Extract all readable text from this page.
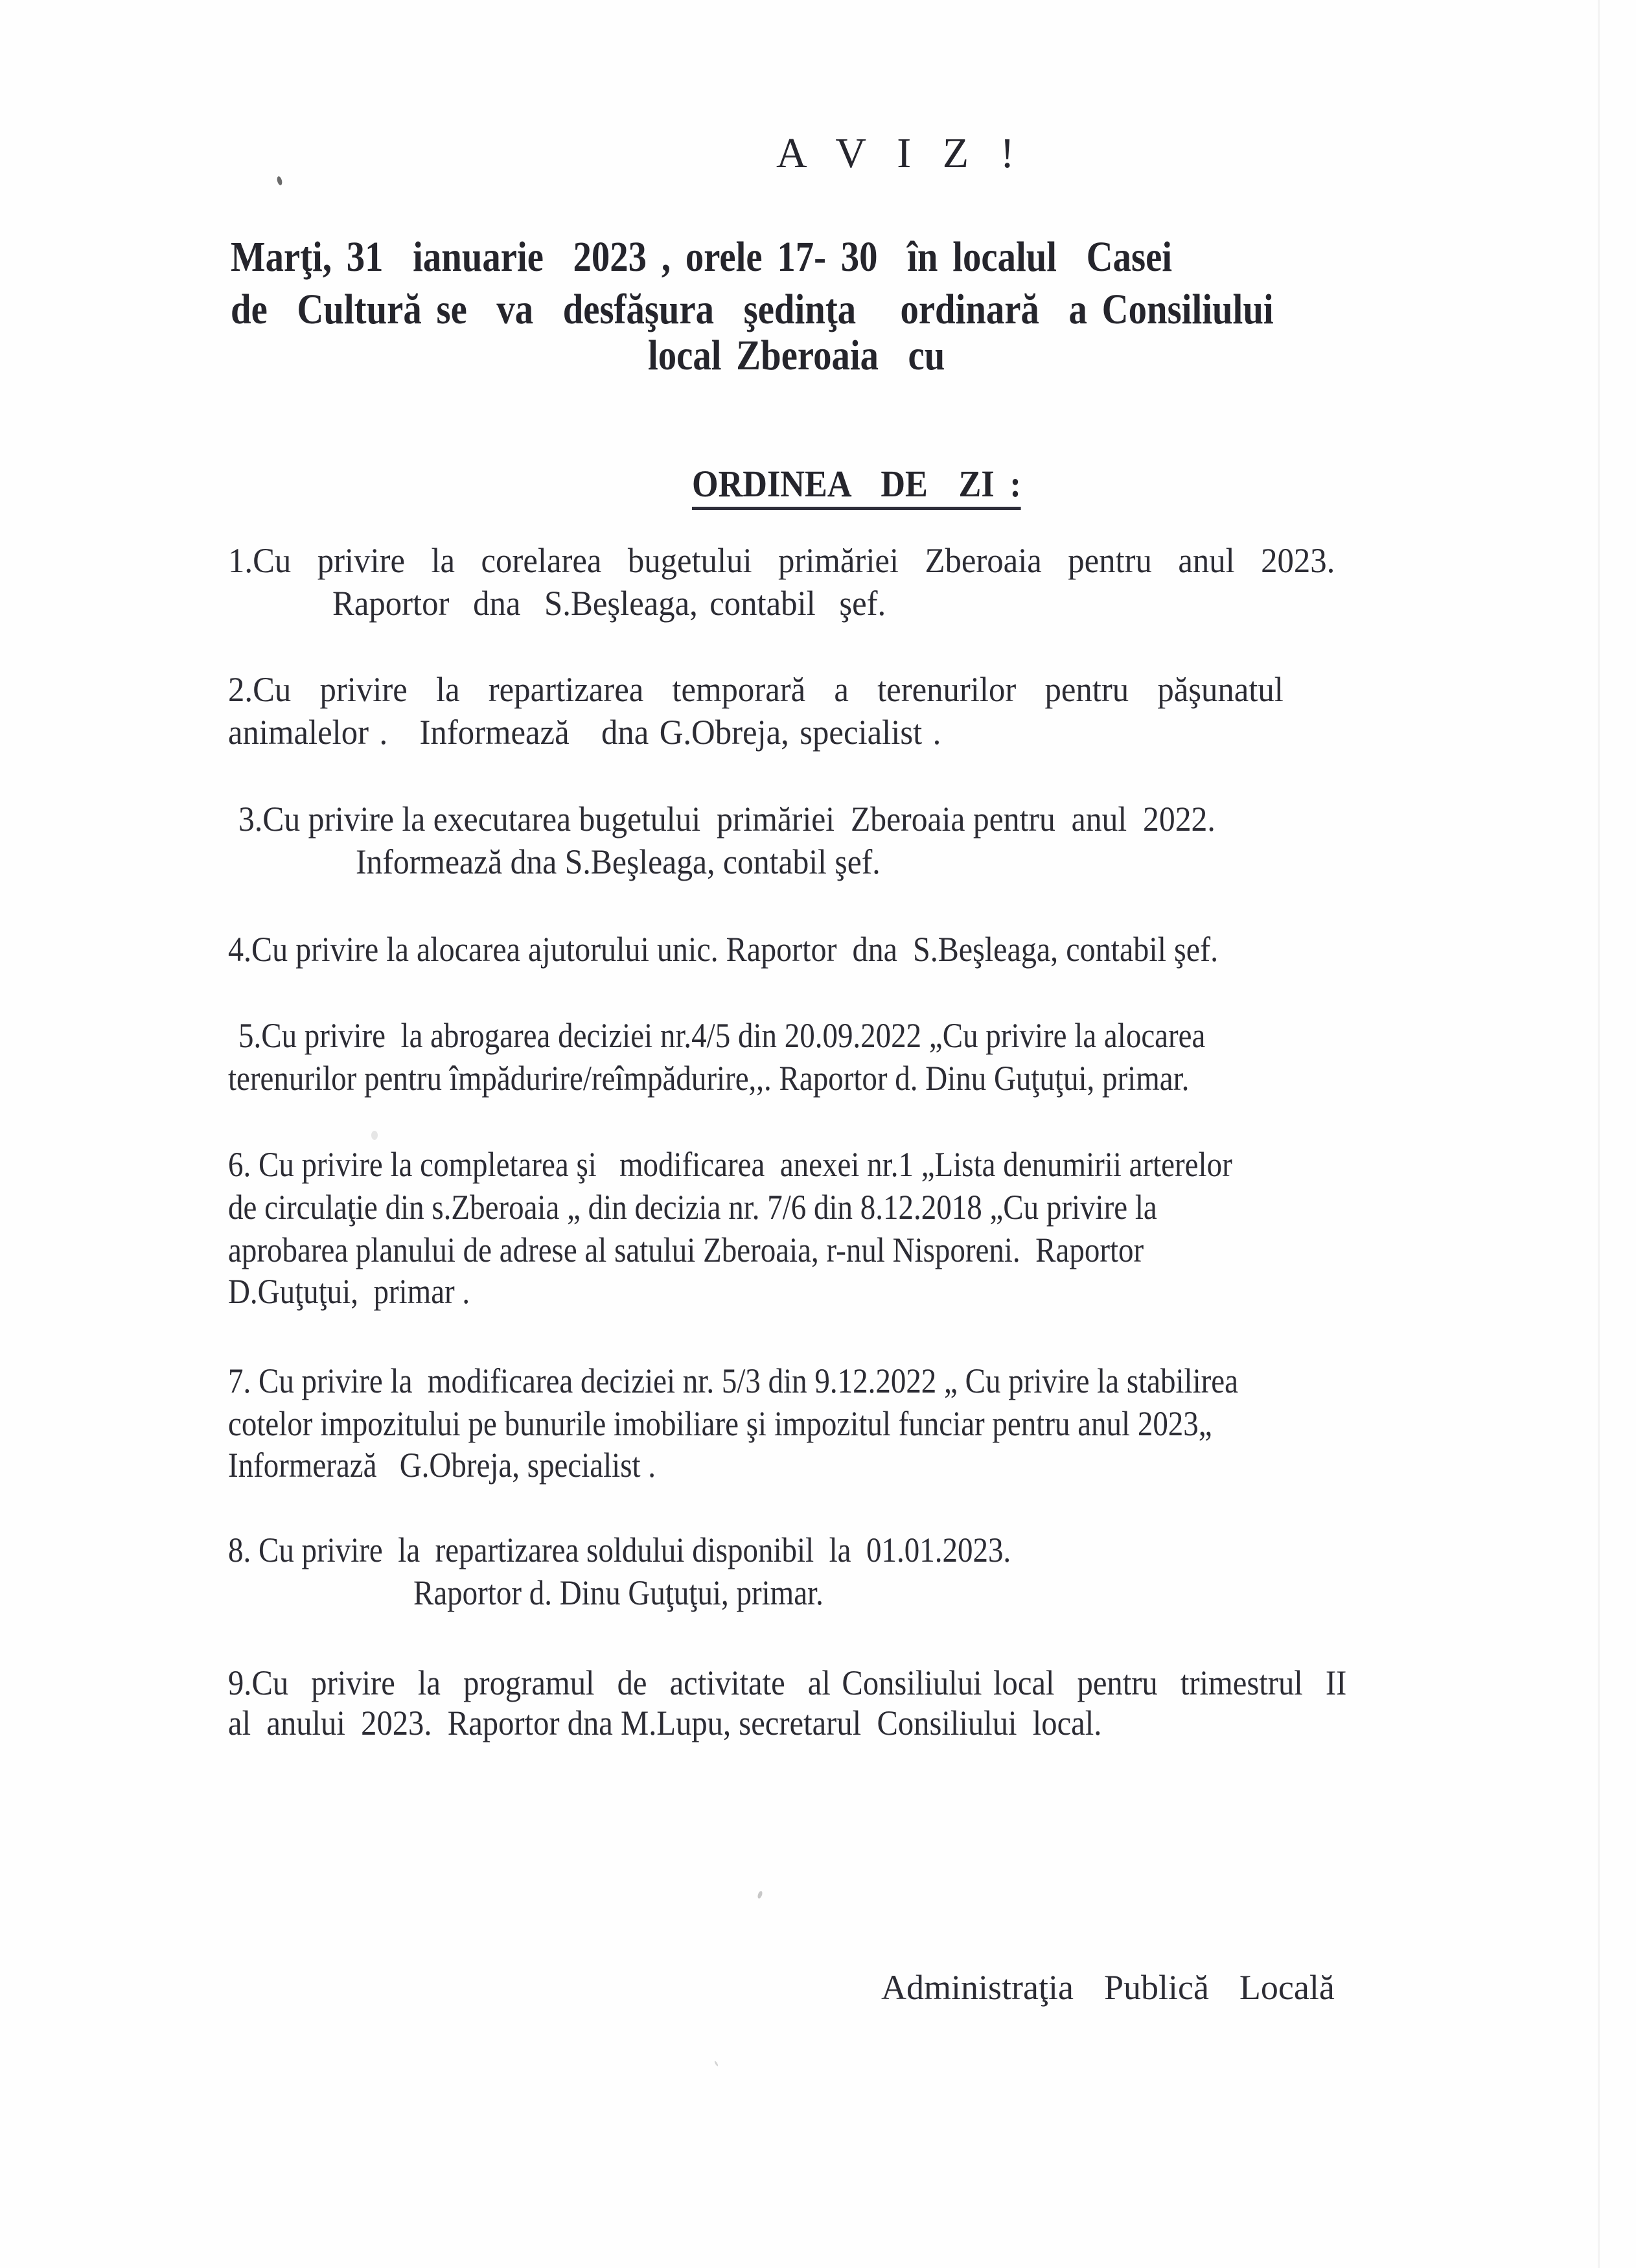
A V I Z !
Marţi, 31  ianuarie  2023 , orele 17- 30  în localul  Casei
de  Cultură se  va  desfăşura  şedinţa   ordinară  a Consiliului
local Zberoaia  cu
ORDINEA  DE  ZI :
1.Cu  privire  la  corelarea  bugetului  primăriei  Zberoaia  pentru  anul  2023.
Raportor  dna  S.Beşleaga, contabil  şef.
2.Cu  privire  la  repartizarea  temporară  a  terenurilor  pentru  păşunatul
animalelor .   Informează   dna G.Obreja, specialist .
3.Cu privire la executarea bugetului  primăriei  Zberoaia pentru  anul  2022.
Informează dna S.Beşleaga, contabil şef.
4.Cu privire la alocarea ajutorului unic. Raportor  dna  S.Beşleaga, contabil şef.
5.Cu privire  la abrogarea deciziei nr.4/5 din 20.09.2022 „Cu privire la alocarea
terenurilor pentru împădurire/reîmpădurire,,. Raportor d. Dinu Guţuţui, primar.
6. Cu privire la completarea şi   modificarea  anexei nr.1 „Lista denumirii arterelor
de circulaţie din s.Zberoaia „ din decizia nr. 7/6 din 8.12.2018 „Cu privire la
aprobarea planului de adrese al satului Zberoaia, r-nul Nisporeni.  Raportor
D.Guţuţui,  primar .
7. Cu privire la  modificarea deciziei nr. 5/3 din 9.12.2022 „ Cu privire la stabilirea
cotelor impozitului pe bunurile imobiliare şi impozitul funciar pentru anul 2023„
Informerază   G.Obreja, specialist .
8. Cu privire  la  repartizarea soldului disponibil  la  01.01.2023.
Raportor d. Dinu Guţuţui, primar.
9.Cu  privire  la  programul  de  activitate  al Consiliului local  pentru  trimestrul  II
al  anului  2023.  Raportor dna M.Lupu, secretarul  Consiliului  local.
Administraţia  Publică  Locală
